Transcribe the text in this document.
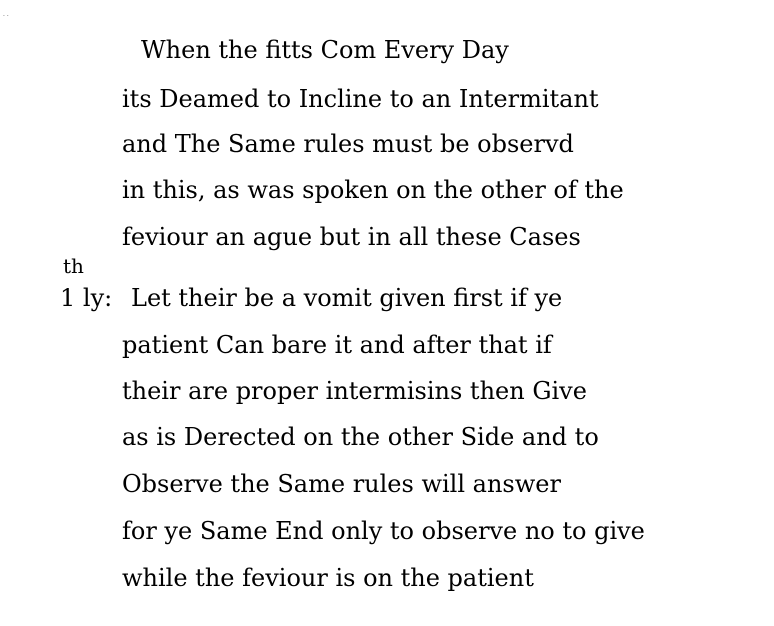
· ·
When the fitts Com Every Day
its Deamed to Incline to an Intermitant
and The Same rules must be observd
in this, as was spoken on the other of the
feviour an ague but in all these Cases
th
1 ly: Let their be a vomit given first if ye
patient Can bare it and after that if
their are proper intermisins then Give
as is Derected on the other Side and to
Observe the Same rules will answer
for ye Same End only to observe no to give
while the feviour is on the patient
